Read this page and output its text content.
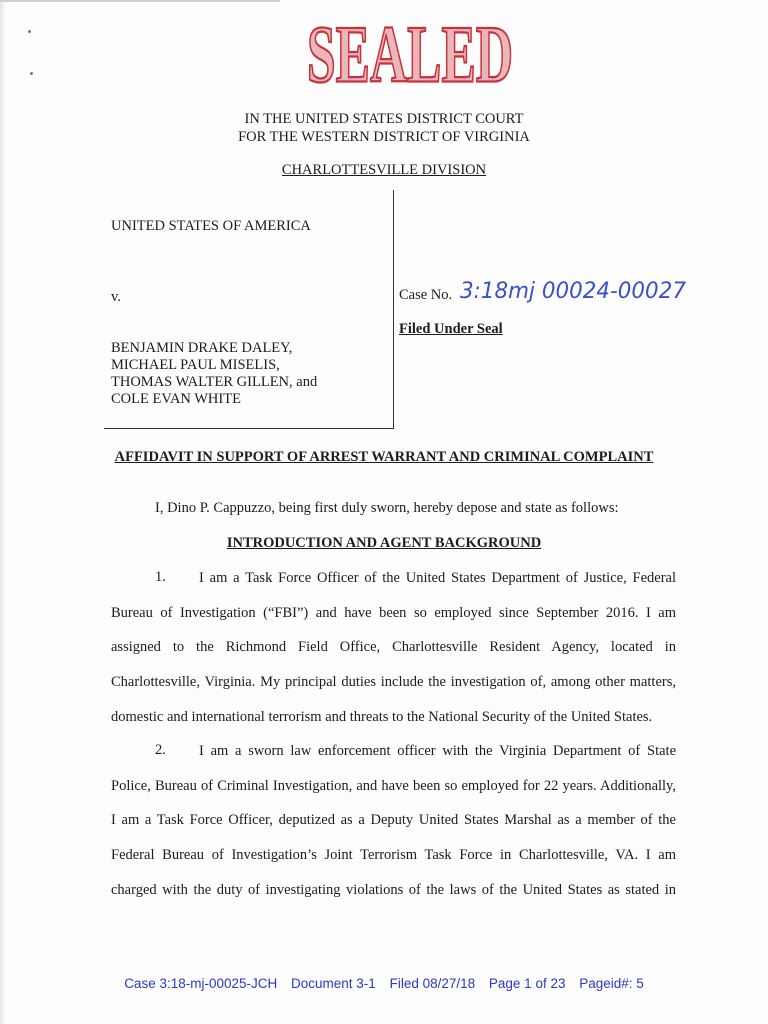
SEALED
SEALED
IN THE UNITED STATES DISTRICT COURT
FOR THE WESTERN DISTRICT OF VIRGINIA
CHARLOTTESVILLE DIVISION
UNITED STATES OF AMERICA
v.
BENJAMIN DRAKE DALEY,
MICHAEL PAUL MISELIS,
THOMAS WALTER GILLEN, and
COLE EVAN WHITE
Case No. 3:18mj 00024-00027
Filed Under Seal
AFFIDAVIT IN SUPPORT OF ARREST WARRANT AND CRIMINAL COMPLAINT
I, Dino P. Cappuzzo, being first duly sworn, hereby depose and state as follows:
INTRODUCTION AND AGENT BACKGROUND
1.	I am a Task Force Officer of the United States Department of Justice, Federal
Bureau of Investigation (“FBI”) and have been so employed since September 2016. I am
assigned to the Richmond Field Office, Charlottesville Resident Agency, located in
Charlottesville, Virginia. My principal duties include the investigation of, among other matters,
domestic and international terrorism and threats to the National Security of the United States.
2.	I am a sworn law enforcement officer with the Virginia Department of State
Police, Bureau of Criminal Investigation, and have been so employed for 22 years. Additionally,
I am a Task Force Officer, deputized as a Deputy United States Marshal as a member of the
Federal Bureau of Investigation’s Joint Terrorism Task Force in Charlottesville, VA. I am
charged with the duty of investigating violations of the laws of the United States as stated in
Case 3:18-mj-00025-JCH Document 3-1 Filed 08/27/18 Page 1 of 23 Pageid#: 5
